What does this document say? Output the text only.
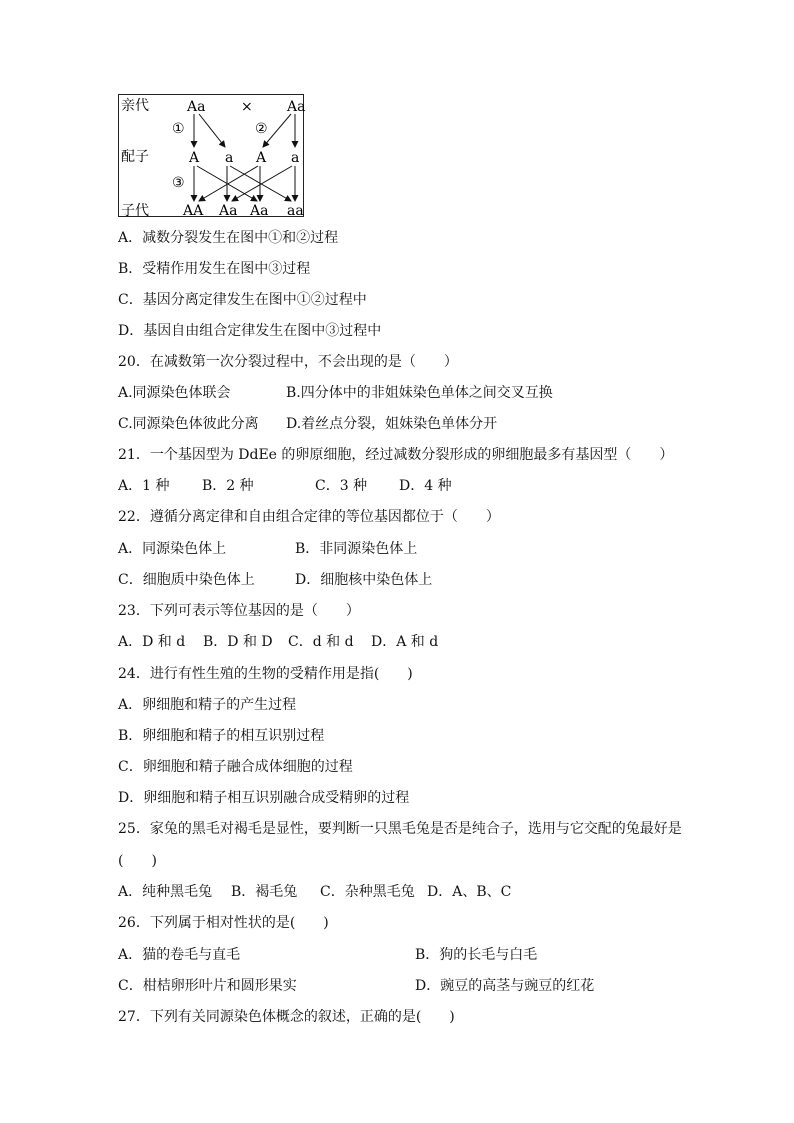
亲代
配子
子代
Aa	× Aa
①	②
③
A a A a
AA Aa Aa aa
A．减数分裂发生在图中①和②过程
B．受精作用发生在图中③过程
C．基因分离定律发生在图中①②过程中
D．基因自由组合定律发生在图中③过程中
20．在减数第一次分裂过程中，不会出现的是（　　）
A.同源染色体联会	B.四分体中的非姐妹染色单体之间交叉互换
C.同源染色体彼此分离 D.着丝点分裂，姐妹染色单体分开
21．一个基因型为 DdEe 的卵原细胞，经过减数分裂形成的卵细胞最多有基因型（　　）
A．1 种 B．2 种	C．3 种 D．4 种
22．遵循分离定律和自由组合定律的等位基因都位于（　　）
A．同源染色体上	B．非同源染色体上
C．细胞质中染色体上	D．细胞核中染色体上
23．下列可表示等位基因的是（　　）
A．D 和 d B．D 和 D C．d 和 d D．A 和 d
24．进行有性生殖的生物的受精作用是指(　　)
A．卵细胞和精子的产生过程
B．卵细胞和精子的相互识别过程
C．卵细胞和精子融合成体细胞的过程
D．卵细胞和精子相互识别融合成受精卵的过程
25．家兔的黑毛对褐毛是显性，要判断一只黑毛兔是否是纯合子，选用与它交配的兔最好是
(　　)
A．纯种黑毛兔 B．褐毛兔 C．杂种黑毛兔 D．A、B、C
26．下列属于相对性状的是(　　)
A．猫的卷毛与直毛	B．狗的长毛与白毛
C．柑桔卵形叶片和圆形果实	D．豌豆的高茎与豌豆的红花
27．下列有关同源染色体概念的叙述，正确的是(　　)
